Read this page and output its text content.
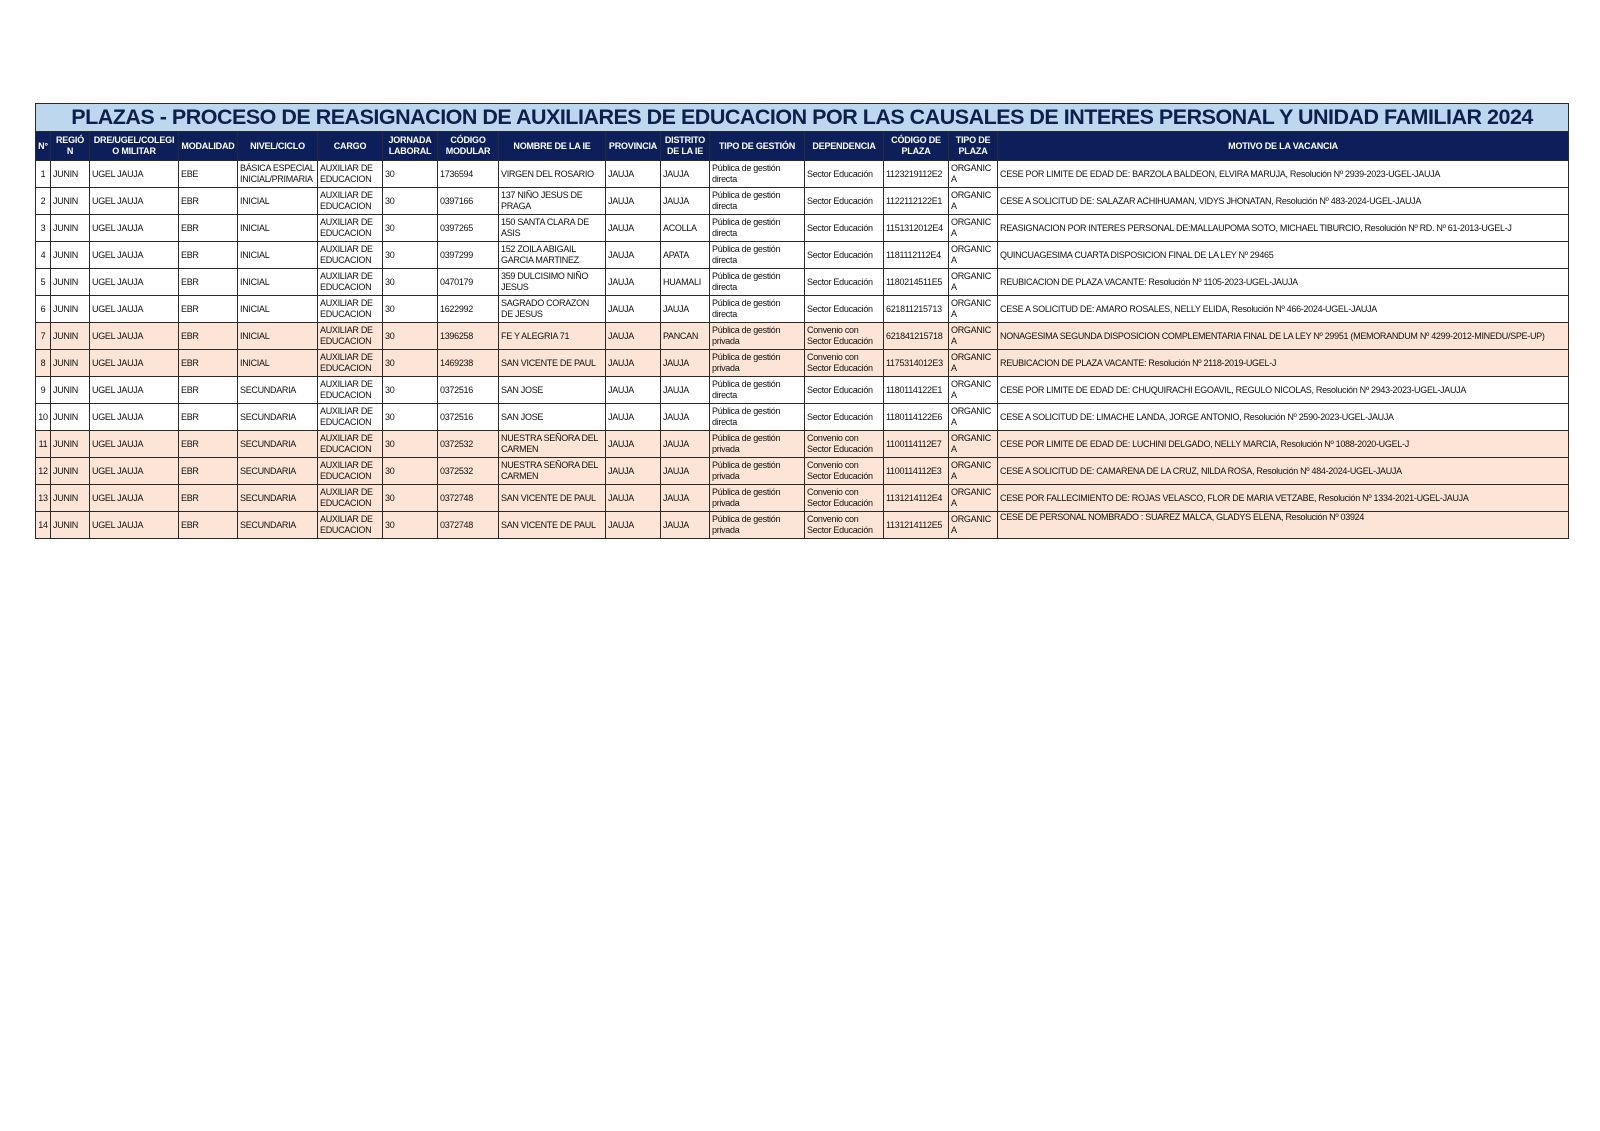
PLAZAS - PROCESO DE REASIGNACION DE AUXILIARES DE EDUCACION POR LAS CAUSALES DE INTERES PERSONAL Y UNIDAD FAMILIAR 2024															
N°	REGIÓN	DRE/UGEL/COLEGIO MILITAR	MODALIDAD	NIVEL/CICLO	CARGO	JORNADA LABORAL	CÓDIGO MODULAR	NOMBRE DE LA IE	PROVINCIA	DISTRITO DE LA IE	TIPO DE GESTIÓN	DEPENDENCIA	CÓDIGO DE PLAZA	TIPO DE PLAZA	MOTIVO DE LA VACANCIA
1	JUNIN	UGEL JAUJA	EBE	BÁSICA ESPECIAL INICIAL/PRIMARIA	AUXILIAR DE EDUCACION	30	1736594	VIRGEN DEL ROSARIO	JAUJA	JAUJA	Pública de gestión directa	Sector Educación	1123219112E2	ORGANICA	CESE POR LIMITE DE EDAD DE: BARZOLA BALDEON, ELVIRA MARUJA, Resolución Nº 2939-2023-UGEL-JAUJA
2	JUNIN	UGEL JAUJA	EBR	INICIAL	AUXILIAR DE EDUCACION	30	0397166	137 NIÑO JESUS DE PRAGA	JAUJA	JAUJA	Pública de gestión directa	Sector Educación	1122112122E1	ORGANICA	CESE A SOLICITUD DE: SALAZAR ACHIHUAMAN, VIDYS JHONATAN, Resolución Nº 483-2024-UGEL-JAUJA
3	JUNIN	UGEL JAUJA	EBR	INICIAL	AUXILIAR DE EDUCACION	30	0397265	150 SANTA CLARA DE ASIS	JAUJA	ACOLLA	Pública de gestión directa	Sector Educación	1151312012E4	ORGANICA	REASIGNACION POR INTERES PERSONAL DE:MALLAUPOMA SOTO, MICHAEL TIBURCIO, Resolución Nº RD. Nº 61-2013-UGEL-J
4	JUNIN	UGEL JAUJA	EBR	INICIAL	AUXILIAR DE EDUCACION	30	0397299	152 ZOILA ABIGAIL GARCIA MARTINEZ	JAUJA	APATA	Pública de gestión directa	Sector Educación	1181112112E4	ORGANICA	QUINCUAGESIMA CUARTA DISPOSICION FINAL DE LA LEY Nº 29465
5	JUNIN	UGEL JAUJA	EBR	INICIAL	AUXILIAR DE EDUCACION	30	0470179	359 DULCISIMO NIÑO JESUS	JAUJA	HUAMALI	Pública de gestión directa	Sector Educación	1180214511E5	ORGANICA	REUBICACION DE PLAZA VACANTE: Resolución Nº 1105-2023-UGEL-JAUJA
6	JUNIN	UGEL JAUJA	EBR	INICIAL	AUXILIAR DE EDUCACION	30	1622992	SAGRADO CORAZON DE JESUS	JAUJA	JAUJA	Pública de gestión directa	Sector Educación	621811215713	ORGANICA	CESE A SOLICITUD DE: AMARO ROSALES, NELLY ELIDA, Resolución Nº 466-2024-UGEL-JAUJA
7	JUNIN	UGEL JAUJA	EBR	INICIAL	AUXILIAR DE EDUCACION	30	1396258	FE Y ALEGRIA 71	JAUJA	PANCAN	Pública de gestión privada	Convenio con Sector Educación	621841215718	ORGANICA	NONAGESIMA SEGUNDA DISPOSICION COMPLEMENTARIA FINAL DE LA LEY Nº 29951 (MEMORANDUM Nº 4299-2012-MINEDU/SPE-UP)
8	JUNIN	UGEL JAUJA	EBR	INICIAL	AUXILIAR DE EDUCACION	30	1469238	SAN VICENTE DE PAUL	JAUJA	JAUJA	Pública de gestión privada	Convenio con Sector Educación	1175314012E3	ORGANICA	REUBICACION DE PLAZA VACANTE: Resolución Nº 2118-2019-UGEL-J
9	JUNIN	UGEL JAUJA	EBR	SECUNDARIA	AUXILIAR DE EDUCACION	30	0372516	SAN JOSE	JAUJA	JAUJA	Pública de gestión directa	Sector Educación	1180114122E1	ORGANICA	CESE POR LIMITE DE EDAD DE: CHUQUIRACHI EGOAVIL, REGULO NICOLAS, Resolución Nº 2943-2023-UGEL-JAUJA
10	JUNIN	UGEL JAUJA	EBR	SECUNDARIA	AUXILIAR DE EDUCACION	30	0372516	SAN JOSE	JAUJA	JAUJA	Pública de gestión directa	Sector Educación	1180114122E6	ORGANICA	CESE A SOLICITUD DE: LIMACHE LANDA, JORGE ANTONIO, Resolución Nº 2590-2023-UGEL-JAUJA
11	JUNIN	UGEL JAUJA	EBR	SECUNDARIA	AUXILIAR DE EDUCACION	30	0372532	NUESTRA SEÑORA DEL CARMEN	JAUJA	JAUJA	Pública de gestión privada	Convenio con Sector Educación	1100114112E7	ORGANICA	CESE POR LIMITE DE EDAD DE: LUCHINI DELGADO, NELLY MARCIA, Resolución Nº 1088-2020-UGEL-J
12	JUNIN	UGEL JAUJA	EBR	SECUNDARIA	AUXILIAR DE EDUCACION	30	0372532	NUESTRA SEÑORA DEL CARMEN	JAUJA	JAUJA	Pública de gestión privada	Convenio con Sector Educación	1100114112E3	ORGANICA	CESE A SOLICITUD DE: CAMARENA DE LA CRUZ, NILDA ROSA, Resolución Nº 484-2024-UGEL-JAUJA
13	JUNIN	UGEL JAUJA	EBR	SECUNDARIA	AUXILIAR DE EDUCACION	30	0372748	SAN VICENTE DE PAUL	JAUJA	JAUJA	Pública de gestión privada	Convenio con Sector Educación	1131214112E4	ORGANICA	CESE POR FALLECIMIENTO DE: ROJAS VELASCO, FLOR DE MARIA VETZABE, Resolución Nº 1334-2021-UGEL-JAUJA
14	JUNIN	UGEL JAUJA	EBR	SECUNDARIA	AUXILIAR DE EDUCACION	30	0372748	SAN VICENTE DE PAUL	JAUJA	JAUJA	Pública de gestión privada	Convenio con Sector Educación	1131214112E5	ORGANICA	CESE DE PERSONAL NOMBRADO : SUAREZ MALCA, GLADYS ELENA, Resolución Nº 03924
